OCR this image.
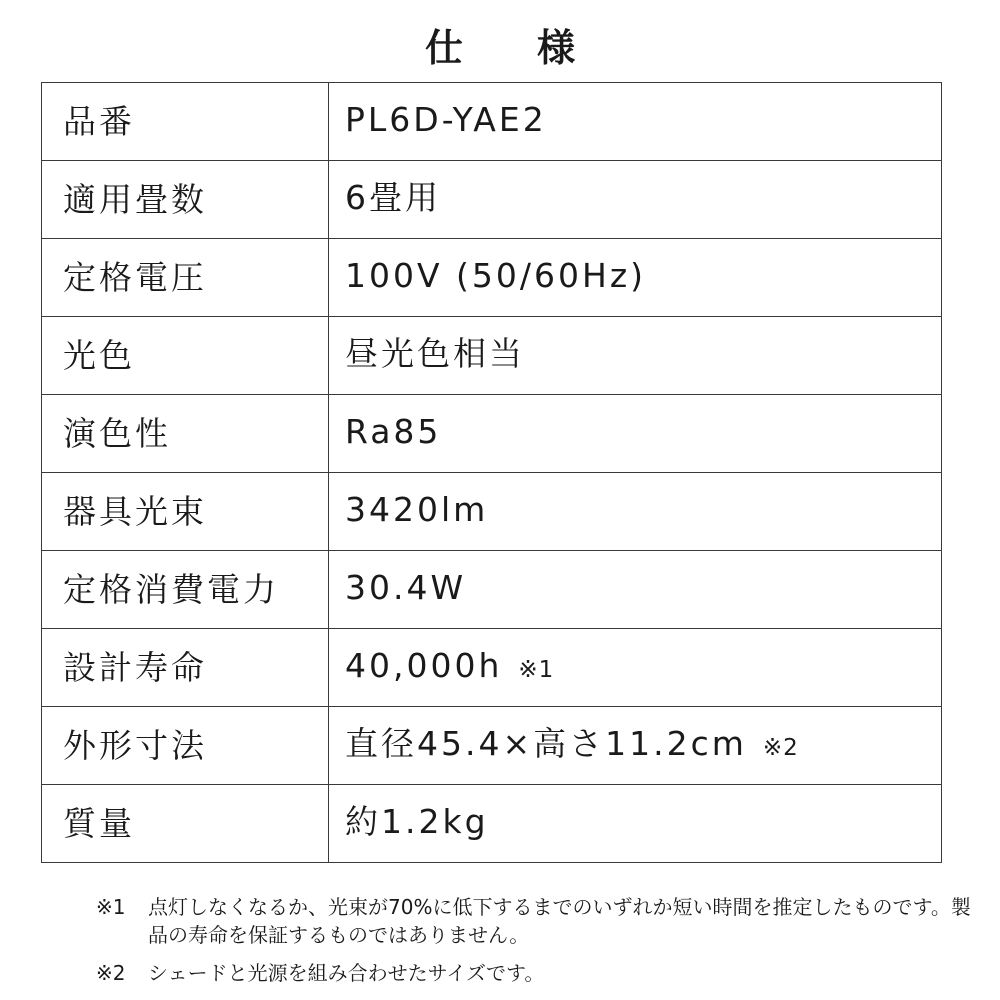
仕　様
品番	PL6D-YAE2
適用畳数	6畳用
定格電圧	100V (50/60Hz)
光色	昼光色相当
演色性	Ra85
器具光束	3420lm
定格消費電力	30.4W
設計寿命	40,000h ※1
外形寸法	直径45.4×高さ11.2cm ※2
質量	約1.2kg
※1	点灯しなくなるか、光束が70%に低下するまでのいずれか短い時間を推定したものです。製品の寿命を保証するものではありません。
※2	シェードと光源を組み合わせたサイズです。
